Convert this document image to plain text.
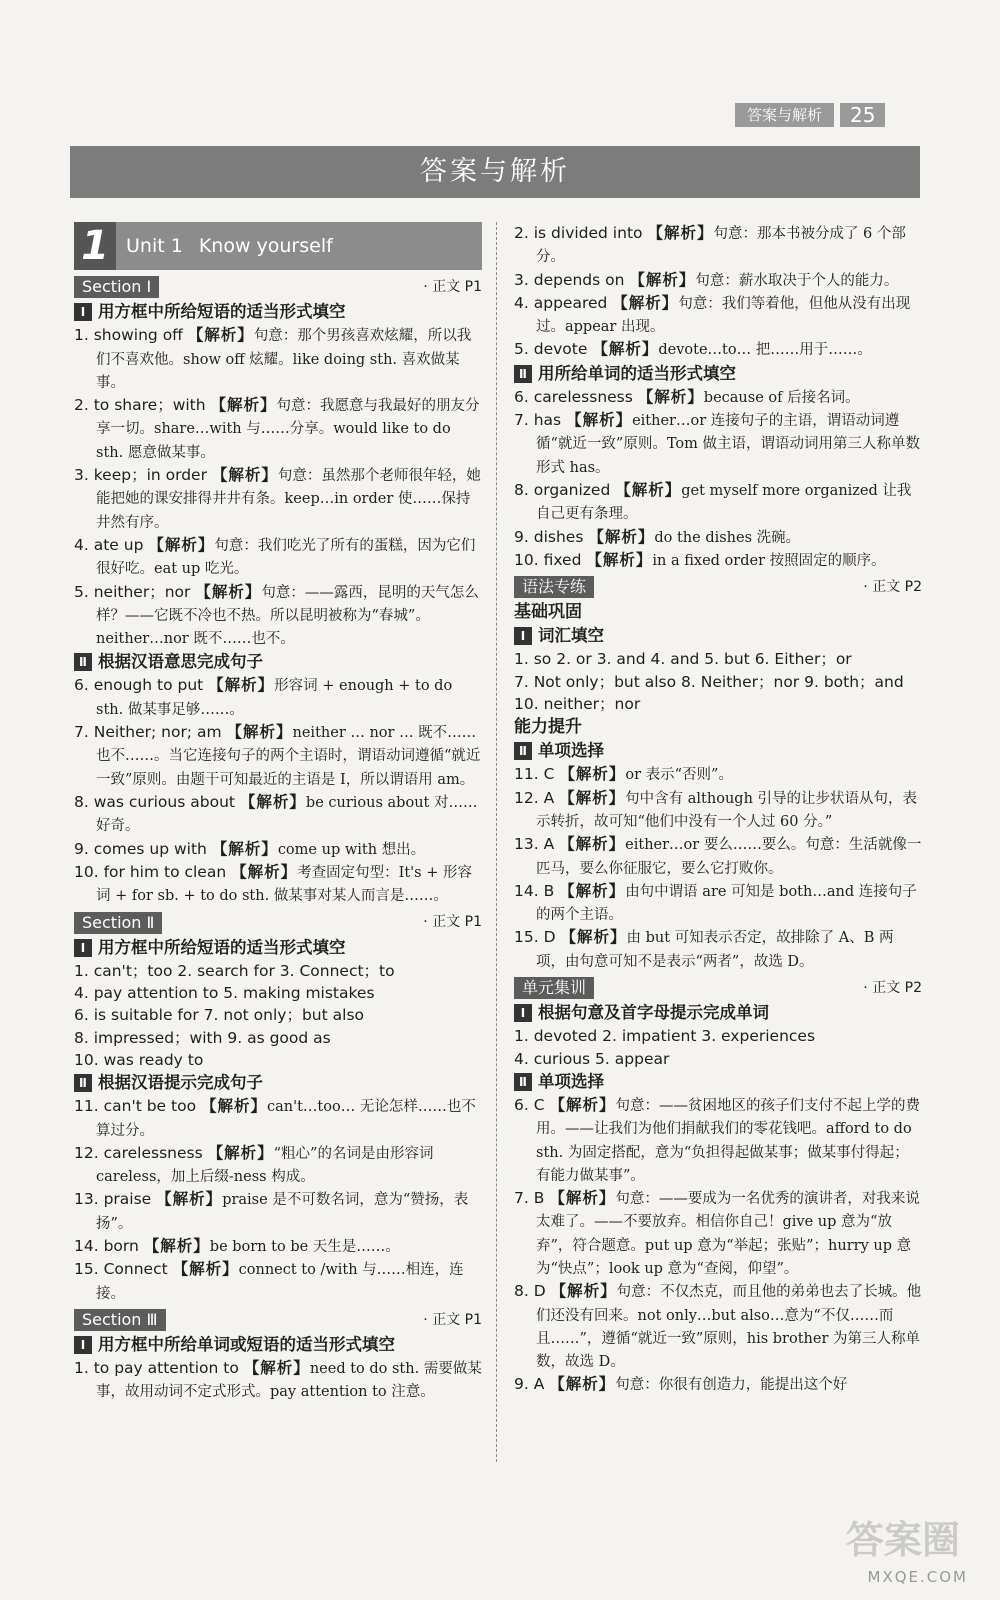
答案与解析	25
答案与解析
1 Unit 1 Know yourself
Section Ⅰ	· 正文 P1
Ⅰ 用方框中所给短语的适当形式填空
1. showing off 【解析】句意：那个男孩喜欢炫耀，所以我们不喜欢他。show off 炫耀。like doing sth. 喜欢做某事。
2. to share；with 【解析】句意：我愿意与我最好的朋友分享一切。share…with 与……分享。would like to do sth. 愿意做某事。
3. keep；in order 【解析】句意：虽然那个老师很年轻，她能把她的课安排得井井有条。keep…in order 使……保持井然有序。
4. ate up 【解析】句意：我们吃光了所有的蛋糕，因为它们很好吃。eat up 吃光。
5. neither；nor 【解析】句意：——露西，昆明的天气怎么样？——它既不冷也不热。所以昆明被称为“春城”。neither…nor 既不……也不。
Ⅱ 根据汉语意思完成句子
6. enough to put 【解析】形容词 + enough + to do sth. 做某事足够……。
7. Neither; nor; am 【解析】neither … nor … 既不……也不……。当它连接句子的两个主语时，谓语动词遵循“就近一致”原则。由题干可知最近的主语是 I，所以谓语用 am。
8. was curious about 【解析】be curious about 对……好奇。
9. comes up with 【解析】come up with 想出。
10. for him to clean 【解析】考查固定句型：It's + 形容词 + for sb. + to do sth. 做某事对某人而言是……。
Section Ⅱ	· 正文 P1
Ⅰ 用方框中所给短语的适当形式填空
1. can't；too 2. search for 3. Connect；to
4. pay attention to 5. making mistakes
6. is suitable for 7. not only；but also
8. impressed；with 9. as good as
10. was ready to
Ⅱ 根据汉语提示完成句子
11. can't be too 【解析】can't…too… 无论怎样……也不算过分。
12. carelessness 【解析】“粗心”的名词是由形容词 careless，加上后缀-ness 构成。
13. praise 【解析】praise 是不可数名词，意为“赞扬，表扬”。
14. born 【解析】be born to be 天生是……。
15. Connect 【解析】connect to /with 与……相连，连接。
Section Ⅲ	· 正文 P1
Ⅰ 用方框中所给单词或短语的适当形式填空
1. to pay attention to 【解析】need to do sth. 需要做某事，故用动词不定式形式。pay attention to 注意。
2. is divided into 【解析】句意：那本书被分成了 6 个部分。
3. depends on 【解析】句意：薪水取决于个人的能力。
4. appeared 【解析】句意：我们等着他，但他从没有出现过。appear 出现。
5. devote 【解析】devote…to… 把……用于……。
Ⅱ 用所给单词的适当形式填空
6. carelessness 【解析】because of 后接名词。
7. has 【解析】either…or 连接句子的主语，谓语动词遵循“就近一致”原则。Tom 做主语，谓语动词用第三人称单数形式 has。
8. organized 【解析】get myself more organized 让我自己更有条理。
9. dishes 【解析】do the dishes 洗碗。
10. fixed 【解析】in a fixed order 按照固定的顺序。
语法专练	· 正文 P2
基础巩固
Ⅰ 词汇填空
1. so 2. or 3. and 4. and 5. but 6. Either；or
7. Not only；but also 8. Neither；nor 9. both；and
10. neither；nor
能力提升
Ⅱ 单项选择
11. C 【解析】or 表示“否则”。
12. A 【解析】句中含有 although 引导的让步状语从句，表示转折，故可知“他们中没有一个人过 60 分。”
13. A 【解析】either…or 要么……要么。句意：生活就像一匹马，要么你征服它，要么它打败你。
14. B 【解析】由句中谓语 are 可知是 both…and 连接句子的两个主语。
15. D 【解析】由 but 可知表示否定，故排除了 A、B 两项，由句意可知不是表示“两者”，故选 D。
单元集训	· 正文 P2
Ⅰ 根据句意及首字母提示完成单词
1. devoted 2. impatient 3. experiences
4. curious 5. appear
Ⅱ 单项选择
6. C 【解析】句意：——贫困地区的孩子们支付不起上学的费用。——让我们为他们捐献我们的零花钱吧。afford to do sth. 为固定搭配，意为“负担得起做某事；做某事付得起；有能力做某事”。
7. B 【解析】句意：——要成为一名优秀的演讲者，对我来说太难了。——不要放弃。相信你自己！give up 意为“放弃”，符合题意。put up 意为“举起；张贴”；hurry up 意为“快点”；look up 意为“查阅，仰望”。
8. D 【解析】句意：不仅杰克，而且他的弟弟也去了长城。他们还没有回来。not only…but also…意为“不仅……而且……”，遵循“就近一致”原则，his brother 为第三人称单数，故选 D。
9. A 【解析】句意：你很有创造力，能提出这个好
答案圈
MXQE.COM
